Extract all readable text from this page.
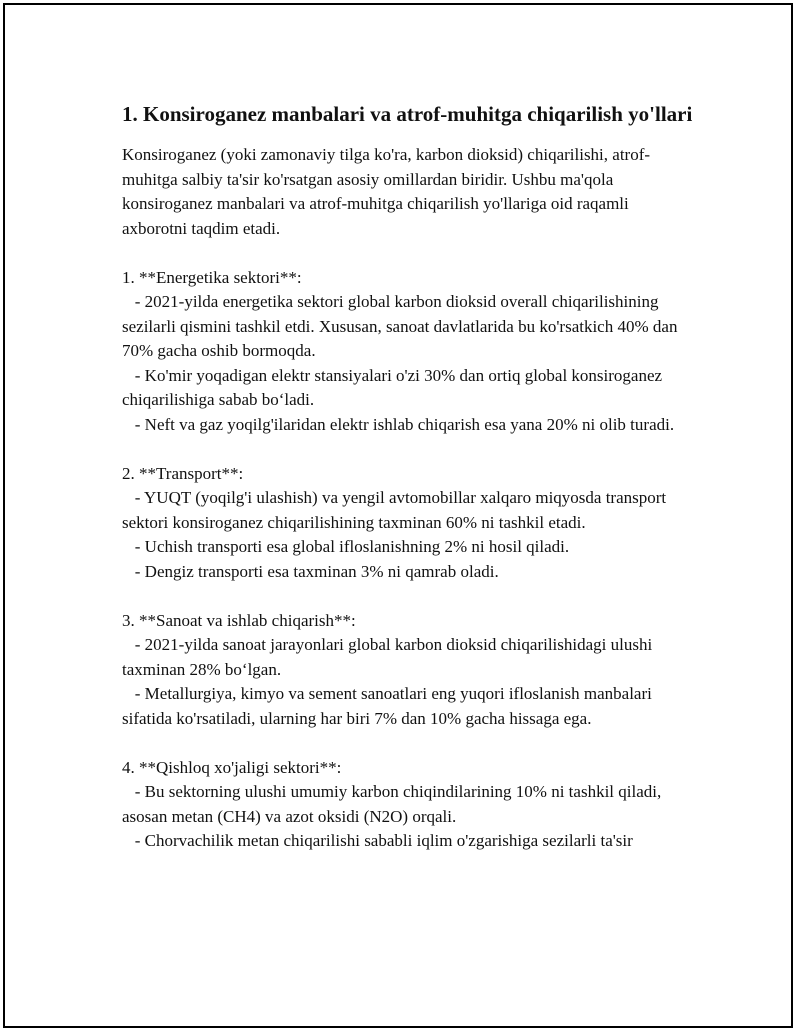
1. Konsiroganez manbalari va atrof-muhitga chiqarilish yo'llari

Konsiroganez (yoki zamonaviy tilga ko'ra, karbon dioksid) chiqarilishi, atrof-muhitga salbiy ta'sir ko'rsatgan asosiy omillardan biridir. Ushbu ma'qola konsiroganez manbalari va atrof-muhitga chiqarilish yo'llariga oid raqamli axborotni taqdim etadi.

1. **Energetika sektori**:

- 2021-yilda energetika sektori global karbon dioksid overall chiqarilishining sezilarli qismini tashkil etdi. Xususan, sanoat davlatlarida bu ko'rsatkich 40% dan 70% gacha oshib bormoqda.

- Ko'mir yoqadigan elektr stansiyalari o'zi 30% dan ortiq global konsiroganez chiqarilishiga sabab bo‘ladi.

- Neft va gaz yoqilg'ilaridan elektr ishlab chiqarish esa yana 20% ni olib turadi.

2. **Transport**:

- YUQT (yoqilg'i ulashish) va yengil avtomobillar xalqaro miqyosda transport sektori konsiroganez chiqarilishining taxminan 60% ni tashkil etadi.

- Uchish transporti esa global ifloslanishning 2% ni hosil qiladi.

- Dengiz transporti esa taxminan 3% ni qamrab oladi.

3. **Sanoat va ishlab chiqarish**:

- 2021-yilda sanoat jarayonlari global karbon dioksid chiqarilishidagi ulushi taxminan 28% bo‘lgan.

- Metallurgiya, kimyo va sement sanoatlari eng yuqori ifloslanish manbalari sifatida ko'rsatiladi, ularning har biri 7% dan 10% gacha hissaga ega.

4. **Qishloq xo'jaligi sektori**:

- Bu sektorning ulushi umumiy karbon chiqindilarining 10% ni tashkil qiladi, asosan metan (CH4) va azot oksidi (N2O) orqali.

- Chorvachilik metan chiqarilishi sababli iqlim o'zgarishiga sezilarli ta'sir
